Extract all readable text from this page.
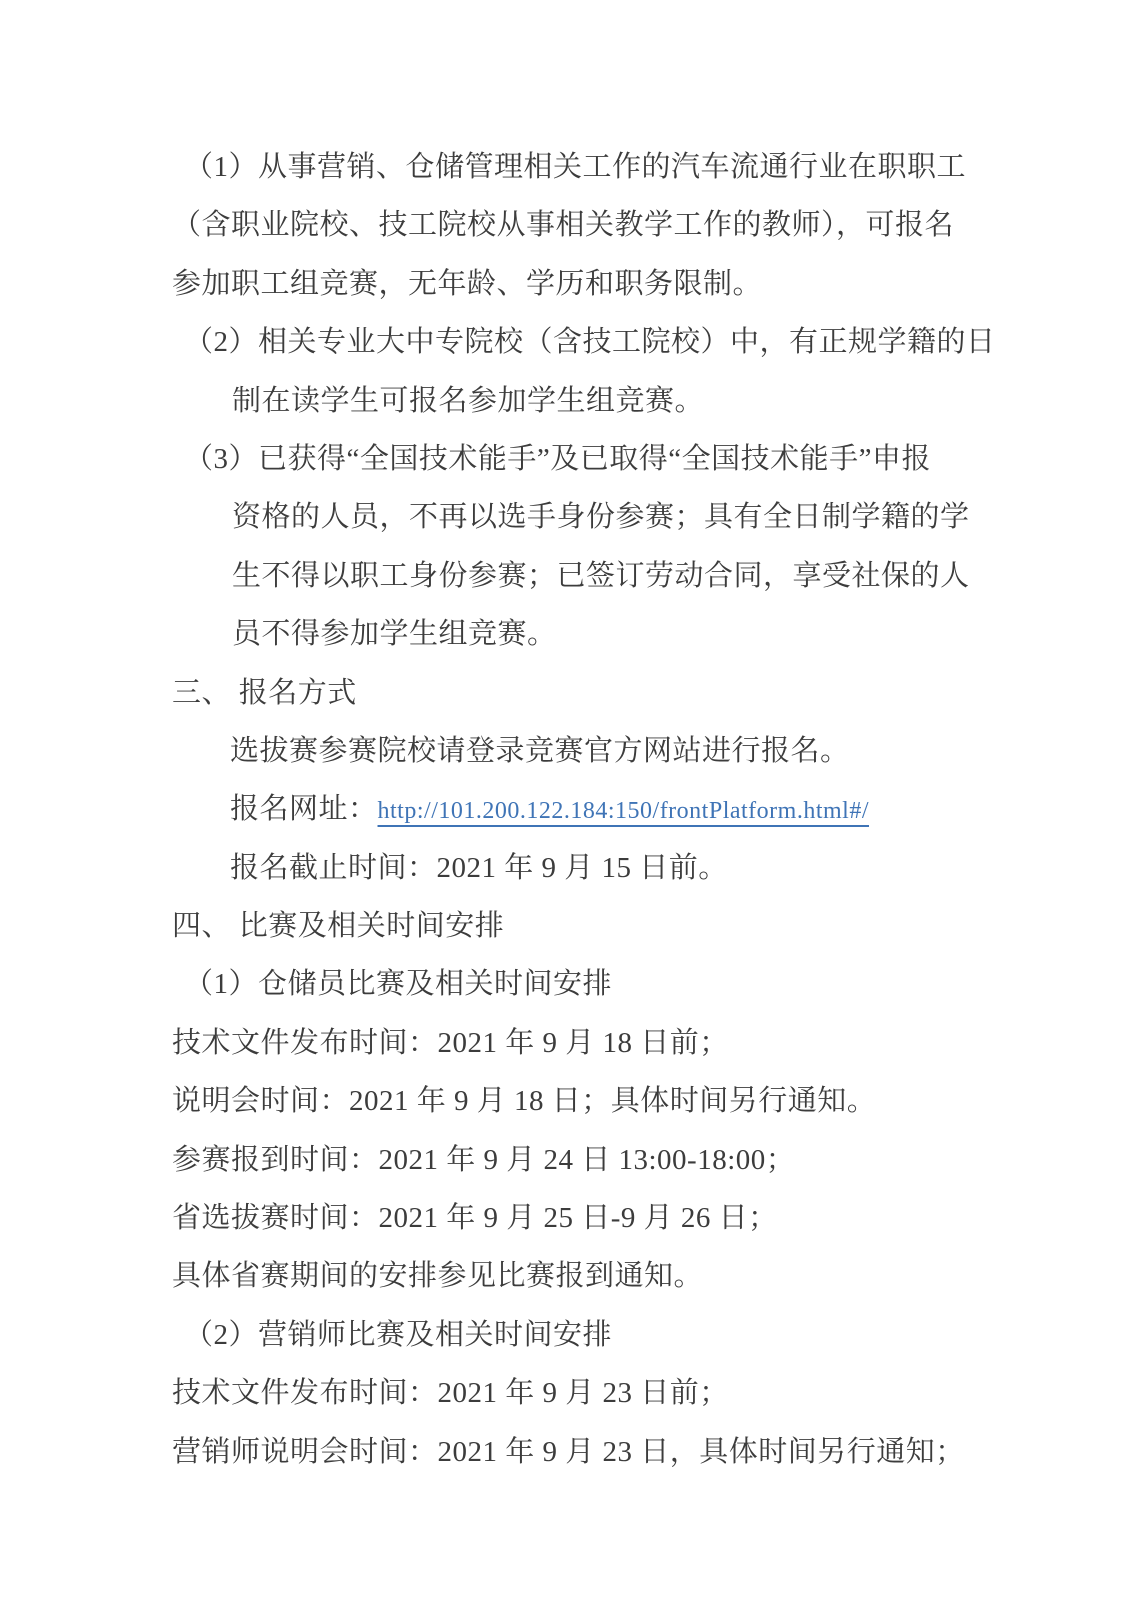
（1）从事营销、仓储管理相关工作的汽车流通行业在职职工
（含职业院校、技工院校从事相关教学工作的教师），可报名
参加职工组竞赛，无年龄、学历和职务限制。
（2）相关专业大中专院校（含技工院校）中，有正规学籍的日
制在读学生可报名参加学生组竞赛。
（3）已获得“全国技术能手”及已取得“全国技术能手”申报
资格的人员，不再以选手身份参赛；具有全日制学籍的学
生不得以职工身份参赛；已签订劳动合同，享受社保的人
员不得参加学生组竞赛。
三、 报名方式
选拔赛参赛院校请登录竞赛官方网站进行报名。
报名网址：http://101.200.122.184:150/frontPlatform.html#/
报名截止时间：2021 年 9 月 15 日前。
四、 比赛及相关时间安排
（1）仓储员比赛及相关时间安排
技术文件发布时间：2021 年 9 月 18 日前；
说明会时间：2021 年 9 月 18 日；具体时间另行通知。
参赛报到时间：2021 年 9 月 24 日 13:00-18:00；
省选拔赛时间：2021 年 9 月 25 日-9 月 26 日；
具体省赛期间的安排参见比赛报到通知。
（2）营销师比赛及相关时间安排
技术文件发布时间：2021 年 9 月 23 日前；
营销师说明会时间：2021 年 9 月 23 日，具体时间另行通知；
